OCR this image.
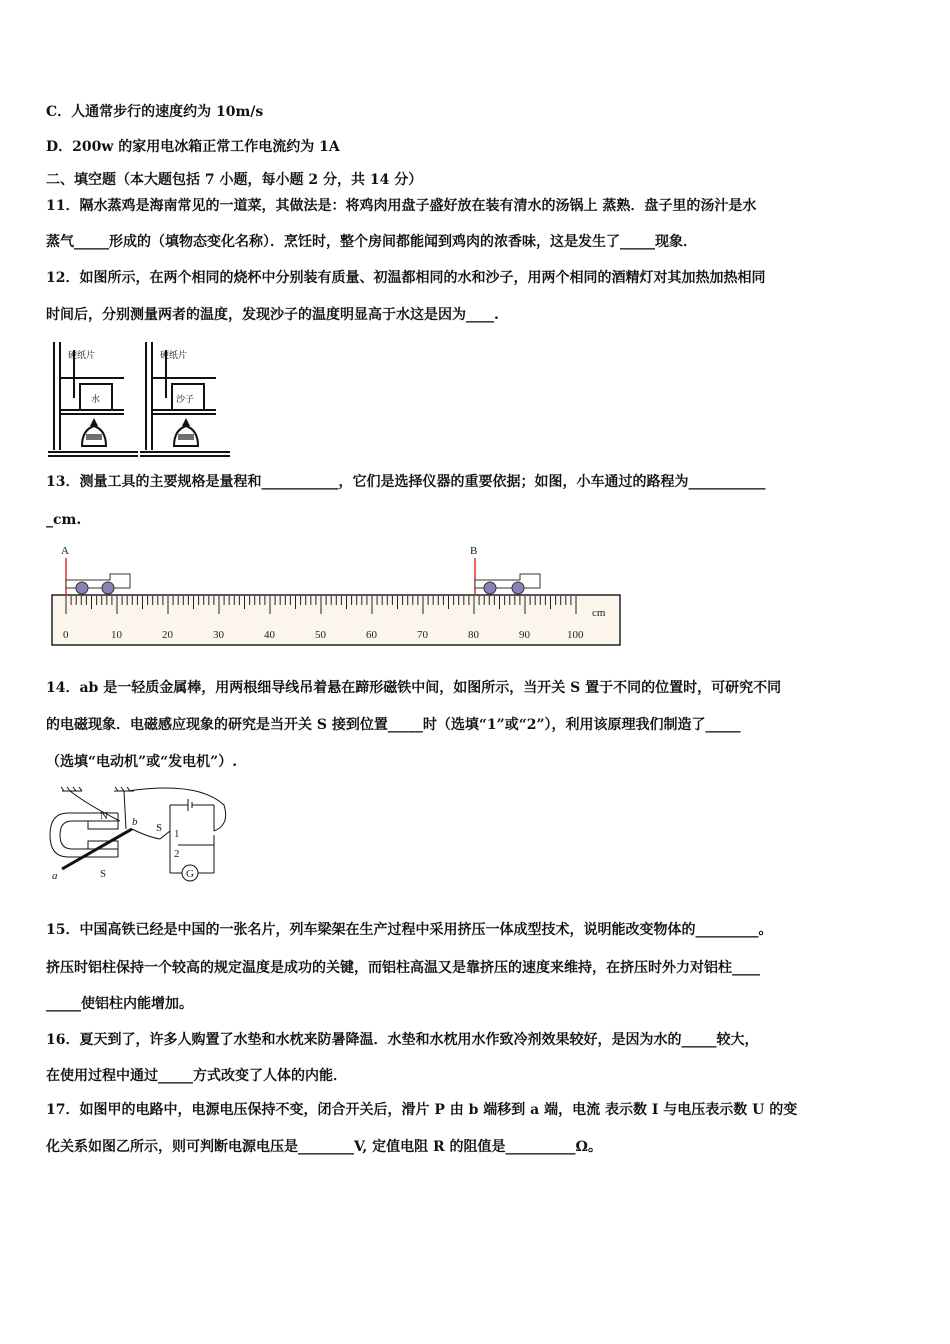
C．人通常步行的速度约为 10m/s
D．200w 的家用电冰箱正常工作电流约为 1A
二、填空题（本大题包括 7 小题，每小题 2 分，共 14 分）
11．隔水蒸鸡是海南常见的一道菜，其做法是：将鸡肉用盘子盛好放在装有清水的汤锅上 蒸熟．盘子里的汤汁是水
蒸气_____形成的（填物态变化名称）．烹饪时，整个房间都能闻到鸡肉的浓香味，这是发生了_____现象．
12．如图所示，在两个相同的烧杯中分别装有质量、初温都相同的水和沙子，用两个相同的酒精灯对其加热加热相同
时间后，分别测量两者的温度，发现沙子的温度明显高于水这是因为____.
硬纸片	硬纸片
水	沙子
13．测量工具的主要规格是量程和___________，它们是选择仪器的重要依据；如图，小车通过的路程为___________
_cm.
0	10	20	30	40	50	60	70	80	90	100
cm
A	B
14．ab 是一轻质金属棒，用两根细导线吊着悬在蹄形磁铁中间，如图所示，当开关 S 置于不同的位置时，可研究不同
的电磁现象．电磁感应现象的研究是当开关 S 接到位置_____时（选填“1”或“2”），利用该原理我们制造了_____
（选填“电动机”或“发电机”）.
N
S
a
b S 1
2
G
15．中国高铁已经是中国的一张名片，列车梁架在生产过程中采用挤压一体成型技术，说明能改变物体的_________。
挤压时铝柱保持一个较高的规定温度是成功的关键，而铝柱高温又是靠挤压的速度来维持，在挤压时外力对铝柱____
_____使铝柱内能增加。
16．夏天到了，许多人购置了水垫和水枕来防暑降温．水垫和水枕用水作致冷剂效果较好，是因为水的_____较大，
在使用过程中通过_____方式改变了人体的内能．
17．如图甲的电路中，电源电压保持不变，闭合开关后，滑片 P 由 b 端移到 a 端，电流 表示数 I 与电压表示数 U 的变
化关系如图乙所示，则可判断电源电压是________V, 定值电阻 R 的阻值是__________Ω。
